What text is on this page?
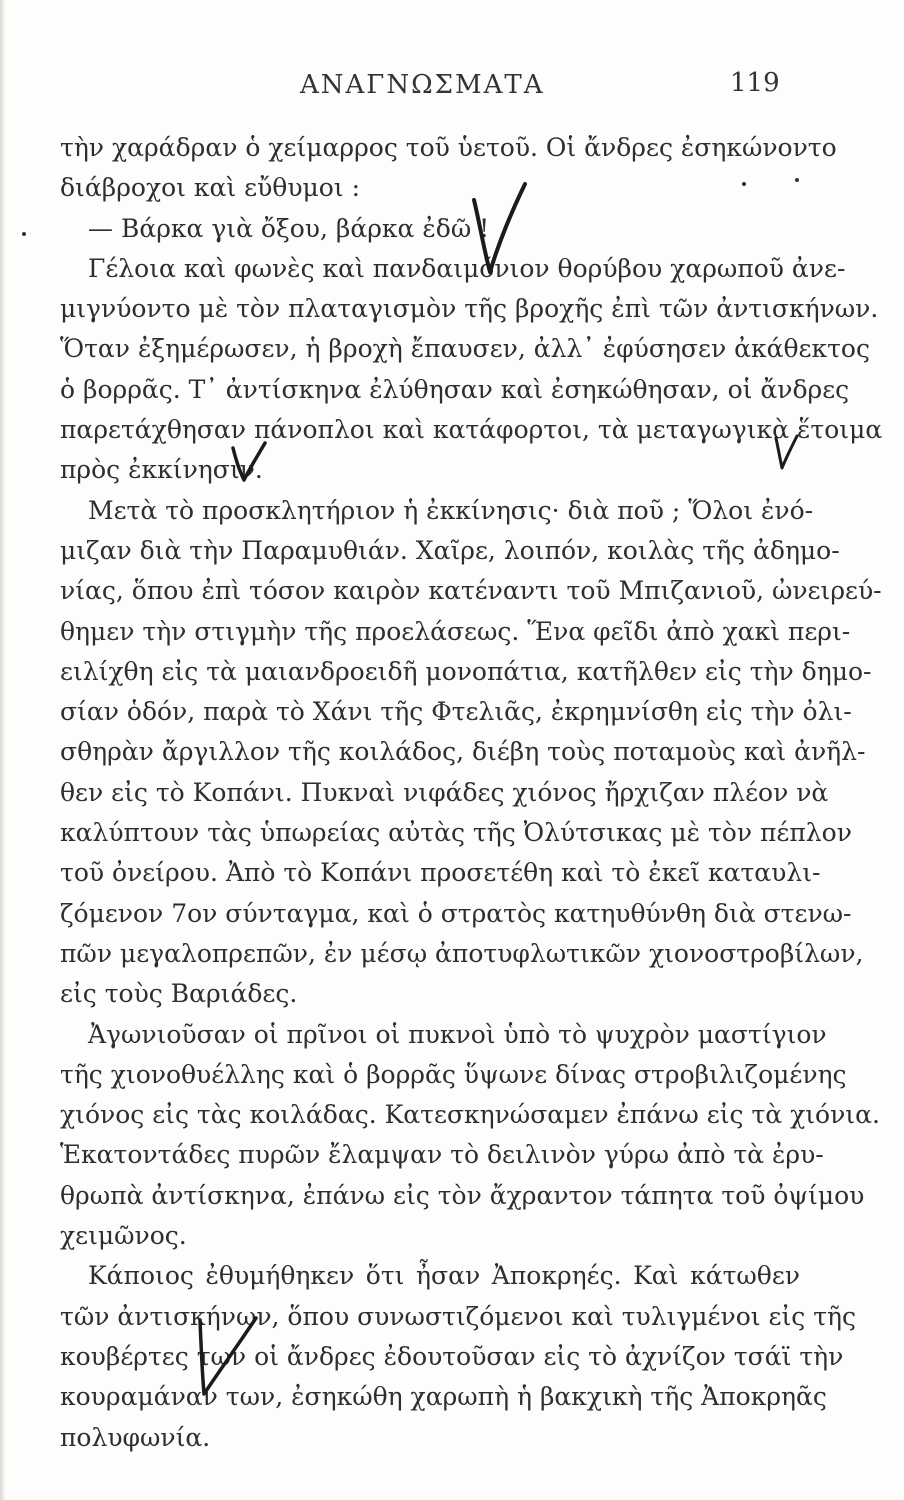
ΑΝΑΓΝΩΣΜΑΤΑ	119
τὴν χαράδραν ὁ χείμαρρος τοῦ ὑετοῦ. Οἱ ἄνδρες ἐσηκώνοντο
διάβροχοι καὶ εὔθυμοι :
— Βάρκα γιὰ ὄξου, βάρκα ἐδῶ !
Γέλοια καὶ φωνὲς καὶ πανδαιμόνιον θορύβου χαρωποῦ ἀνε-
μιγνύοντο μὲ τὸν πλαταγισμὸν τῆς βροχῆς ἐπὶ τῶν ἀντισκήνων.
Ὅταν ἐξημέρωσεν, ἡ βροχὴ ἔπαυσεν, ἀλλ᾽ ἐφύσησεν ἀκάθεκτος
ὁ βορρᾶς. Τ᾽ ἀντίσκηνα ἐλύθησαν καὶ ἐσηκώθησαν, οἱ ἄνδρες
παρετάχθησαν πάνοπλοι καὶ κατάφορτοι, τὰ μεταγωγικὰ ἕτοιμα
πρὸς ἐκκίνησιν.
Μετὰ τὸ προσκλητήριον ἡ ἐκκίνησις· διὰ ποῦ ; Ὅλοι ἐνό-
μιζαν διὰ τὴν Παραμυθιάν. Χαῖρε, λοιπόν, κοιλὰς τῆς ἀδημο-
νίας, ὅπου ἐπὶ τόσον καιρὸν κατέναντι τοῦ Μπιζανιοῦ, ὠνειρεύ-
θημεν τὴν στιγμὴν τῆς προελάσεως. Ἕνα φεῖδι ἀπὸ χακὶ περι-
ειλίχθη εἰς τὰ μαιανδροειδῆ μονοπάτια, κατῆλθεν εἰς τὴν δημο-
σίαν ὁδόν, παρὰ τὸ Χάνι τῆς Φτελιᾶς, ἐκρημνίσθη εἰς τὴν ὀλι-
σθηρὰν ἄργιλλον τῆς κοιλάδος, διέβη τοὺς ποταμοὺς καὶ ἀνῆλ-
θεν εἰς τὸ Κοπάνι. Πυκναὶ νιφάδες χιόνος ἤρχιζαν πλέον νὰ
καλύπτουν τὰς ὑπωρείας αὐτὰς τῆς Ὀλύτσικας μὲ τὸν πέπλον
τοῦ ὀνείρου. Ἀπὸ τὸ Κοπάνι προσετέθη καὶ τὸ ἐκεῖ καταυλι-
ζόμενον 7ον σύνταγμα, καὶ ὁ στρατὸς κατηυθύνθη διὰ στενω-
πῶν μεγαλοπρεπῶν, ἐν μέσῳ ἀποτυφλωτικῶν χιονοστροβίλων,
εἰς τοὺς Βαριάδες.
Ἀγωνιοῦσαν οἱ πρῖνοι οἱ πυκνοὶ ὑπὸ τὸ ψυχρὸν μαστίγιον
τῆς χιονοθυέλλης καὶ ὁ βορρᾶς ὕψωνε δίνας στροβιλιζομένης
χιόνος εἰς τὰς κοιλάδας. Κατεσκηνώσαμεν ἐπάνω εἰς τὰ χιόνια.
Ἑκατοντάδες πυρῶν ἔλαμψαν τὸ δειλινὸν γύρω ἀπὸ τὰ ἐρυ-
θρωπὰ ἀντίσκηνα, ἐπάνω εἰς τὸν ἄχραντον τάπητα τοῦ ὀψίμου
χειμῶνος.
Κάποιος ἐθυμήθηκεν ὅτι ἦσαν Ἀποκρηές. Καὶ κάτωθεν
τῶν ἀντισκήνων, ὅπου συνωστιζόμενοι καὶ τυλιγμένοι εἰς τῆς
κουβέρτες των οἱ ἄνδρες ἐδουτοῦσαν εἰς τὸ ἀχνίζον τσάϊ τὴν
κουραμάναν των, ἐσηκώθη χαρωπὴ ἡ βακχικὴ τῆς Ἀποκρηᾶς
πολυφωνία.
